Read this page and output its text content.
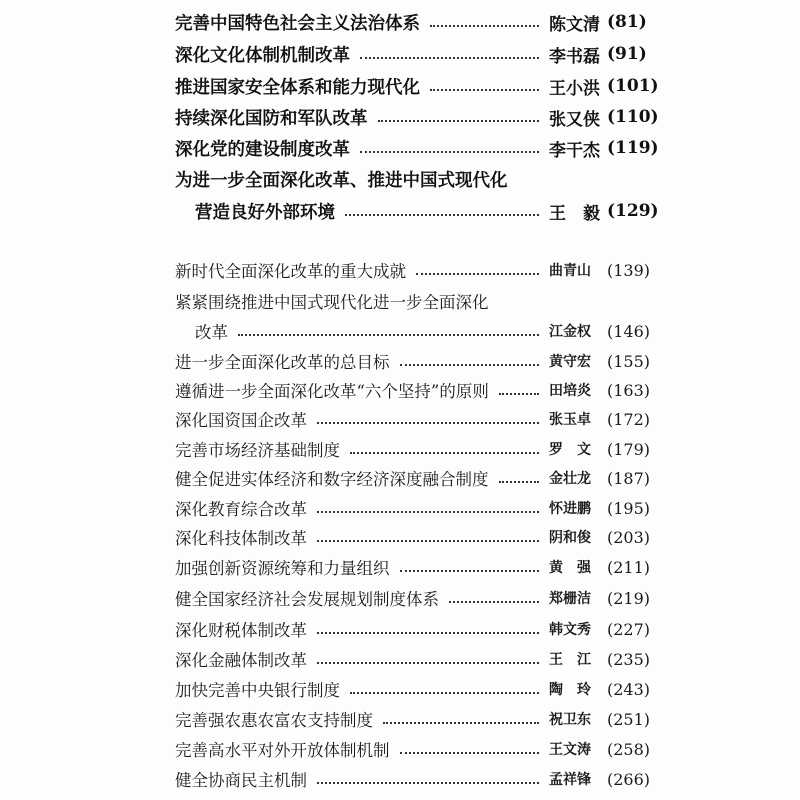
完善中国特色社会主义法治体系	陈文清 ( 81 )
深化文化体制机制改革	李书磊 ( 91 )
推进国家安全体系和能力现代化	王小洪 ( 101 )
持续深化国防和军队改革	张又侠 ( 110 )
深化党的建设制度改革	李干杰 ( 119 )
为进一步全面深化改革、推进中国式现代化
营造良好外部环境	王　毅 ( 129 )
新时代全面深化改革的重大成就	曲青山	( 139 )
紧紧围绕推进中国式现代化进一步全面深化
改革	江金权	( 146 )
进一步全面深化改革的总目标	黄守宏	( 155 )
遵循进一步全面深化改革“六个坚持”的原则	田培炎	( 163 )
深化国资国企改革	张玉卓	( 172 )
完善市场经济基础制度	罗　文	( 179 )
健全促进实体经济和数字经济深度融合制度	金壮龙	( 187 )
深化教育综合改革	怀进鹏	( 195 )
深化科技体制改革	阴和俊	( 203 )
加强创新资源统筹和力量组织	黄　强	( 211 )
健全国家经济社会发展规划制度体系	郑栅洁	( 219 )
深化财税体制改革	韩文秀	( 227 )
深化金融体制改革	王　江	( 235 )
加快完善中央银行制度	陶　玲	( 243 )
完善强农惠农富农支持制度	祝卫东	( 251 )
完善高水平对外开放体制机制	王文涛	( 258 )
健全协商民主机制	孟祥锋	( 266 )
